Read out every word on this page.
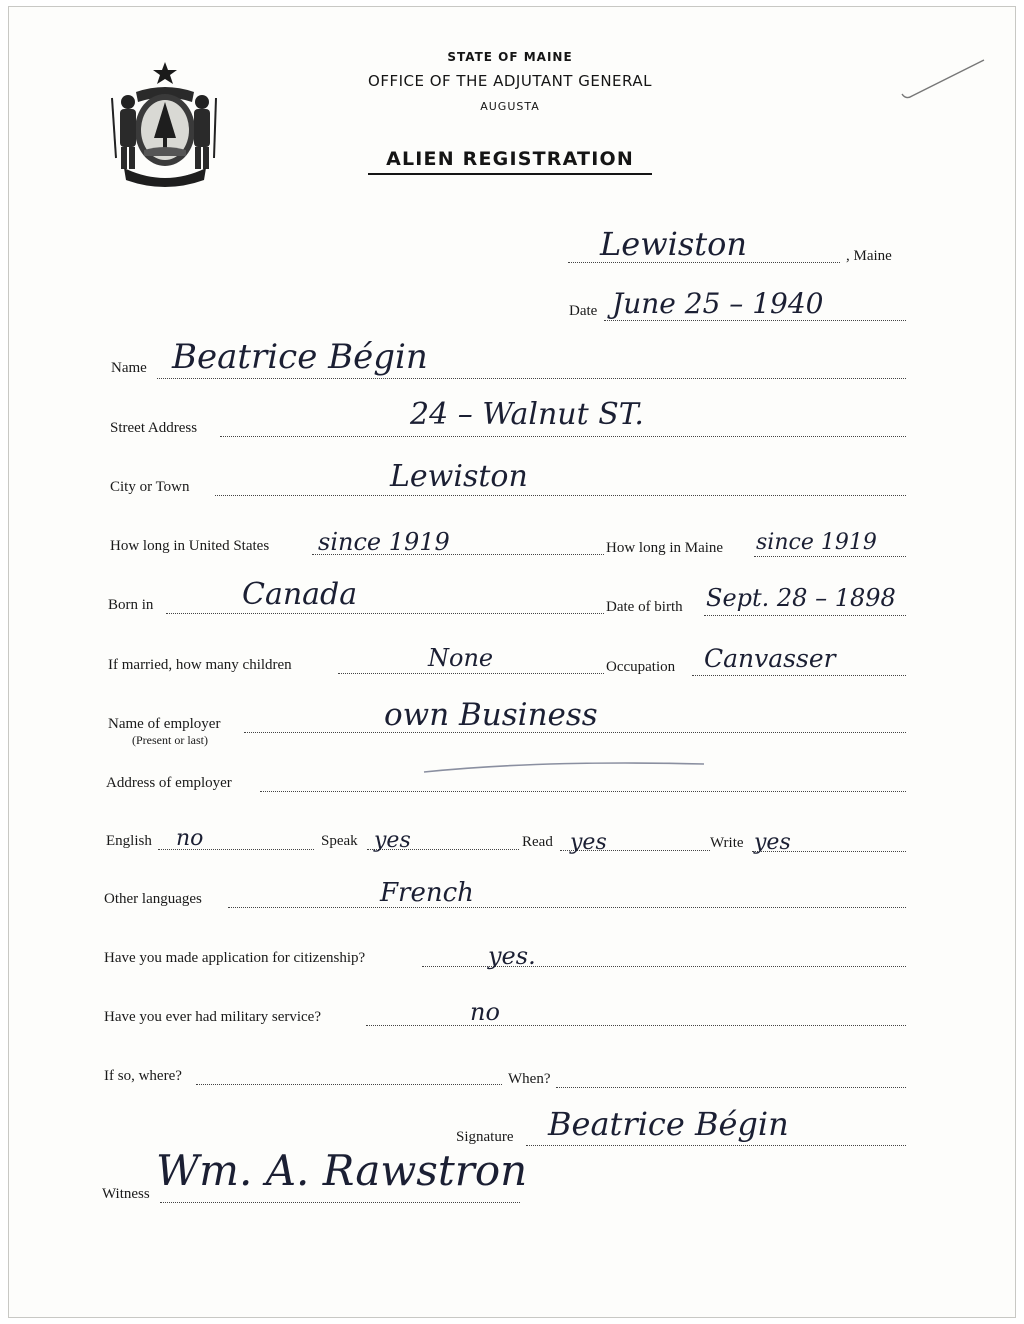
MAINE
STATE OF MAINE
OFFICE OF THE ADJUTANT GENERAL
AUGUSTA
ALIEN REGISTRATION
Lewiston	, Maine
Date June 25 – 1940
Name Beatrice Bégin
Street Address	24 – Walnut ST.
City or Town	Lewiston
How long in United States since 1919	How long in Maine since 1919
Born in	Canada	Date of birth Sept. 28 – 1898
If married, how many children	None	Occupation Canvasser
Name of employer
(Present or last)
own Business
Address of employer
English no	Speak yes	Read yes	Write yes
Other languages	French
Have you made application for citizenship?	yes.
Have you ever had military service?	no
If so, where?	When?
Signature Beatrice Bégin
Witness Wm. A. Rawstron
